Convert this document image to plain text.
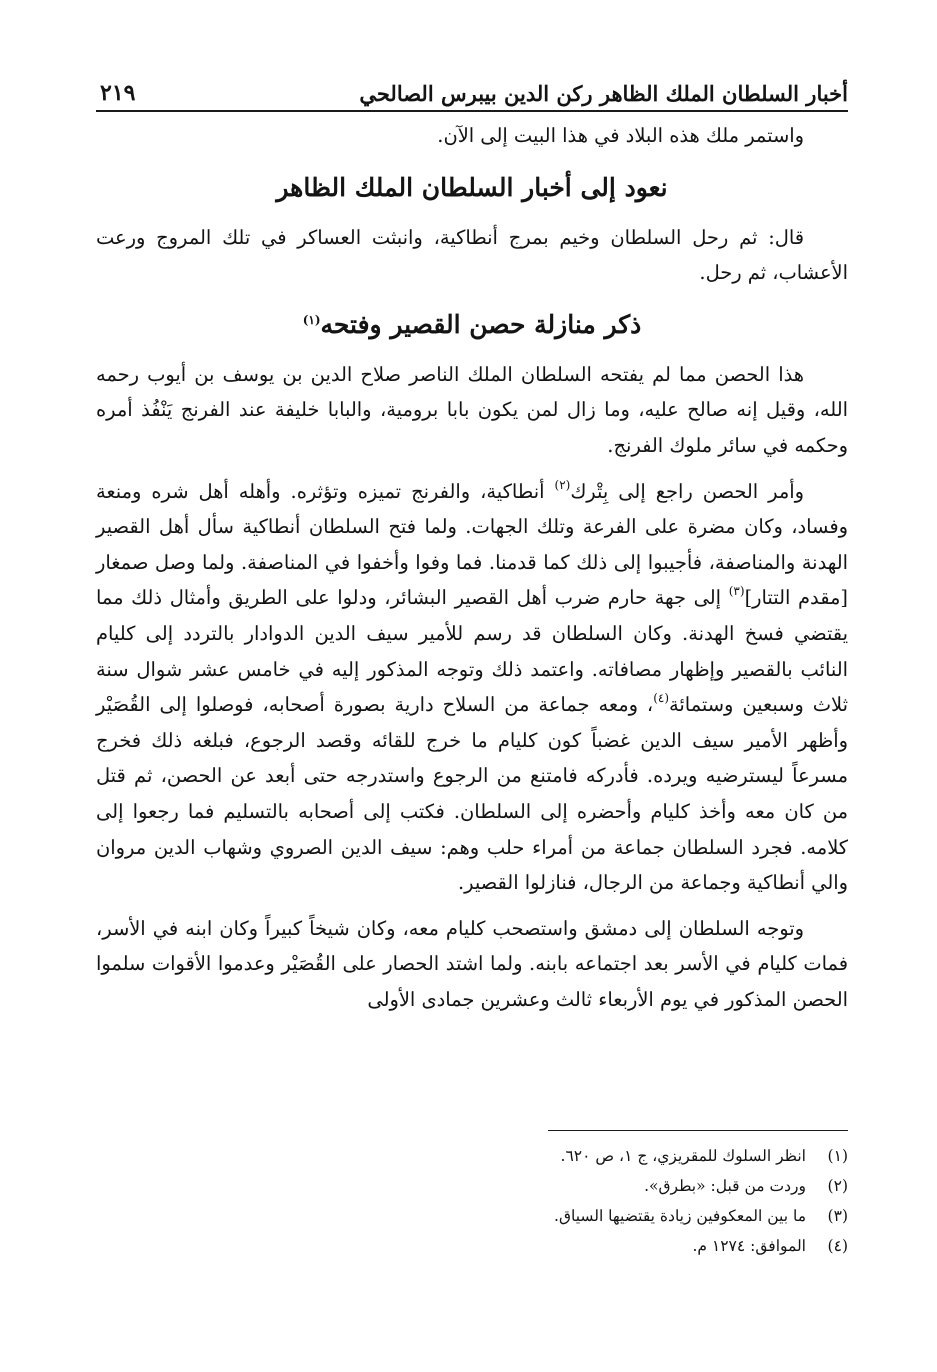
أخبار السلطان الملك الظاهر ركن الدين بيبرس الصالحي
٢١٩

واستمر ملك هذه البلاد في هذا البيت إلى الآن.

نعود إلى أخبار السلطان الملك الظاهر

قال: ثم رحل السلطان وخيم بمرج أنطاكية، وانبثت العساكر في تلك المروج ورعت الأعشاب، ثم رحل.

ذكر منازلة حصن القصير وفتحه$^{(١)}$

هذا الحصن مما لم يفتحه السلطان الملك الناصر صلاح الدين بن يوسف بن أيوب رحمه الله، وقيل إنه صالح عليه، وما زال لمن يكون بابا برومية، والبابا خليفة عند الفرنج يَنْفُذ أمره وحكمه في سائر ملوك الفرنج.

وأمر الحصن راجع إلى بِتْرك$^{(٢)}$ أنطاكية، والفرنج تميزه وتؤثره. وأهله أهل شره ومنعة وفساد، وكان مضرة على الفرعة وتلك الجهات. ولما فتح السلطان أنطاكية سأل أهل القصير الهدنة والمناصفة، فأجيبوا إلى ذلك كما قدمنا. فما وفوا وأخفوا في المناصفة. ولما وصل صمغار [مقدم التتار]$^{(٣)}$ إلى جهة حارم ضرب أهل القصير البشائر، ودلوا على الطريق وأمثال ذلك مما يقتضي فسخ الهدنة. وكان السلطان قد رسم للأمير سيف الدين الدوادار بالتردد إلى كليام النائب بالقصير وإظهار مصافاته. واعتمد ذلك وتوجه المذكور إليه في خامس عشر شوال سنة ثلاث وسبعين وستمائة$^{(٤)}$، ومعه جماعة من السلاح دارية بصورة أصحابه، فوصلوا إلى القُصَيْر وأظهر الأمير سيف الدين غضباً كون كليام ما خرج للقائه وقصد الرجوع، فبلغه ذلك فخرج مسرعاً ليسترضيه ويرده. فأدركه فامتنع من الرجوع واستدرجه حتى أبعد عن الحصن، ثم قتل من كان معه وأخذ كليام وأحضره إلى السلطان. فكتب إلى أصحابه بالتسليم فما رجعوا إلى كلامه. فجرد السلطان جماعة من أمراء حلب وهم: سيف الدين الصروي وشهاب الدين مروان والي أنطاكية وجماعة من الرجال، فنازلوا القصير.

وتوجه السلطان إلى دمشق واستصحب كليام معه، وكان شيخاً كبيراً وكان ابنه في الأسر، فمات كليام في الأسر بعد اجتماعه بابنه. ولما اشتد الحصار على القُصَيْر وعدموا الأقوات سلموا الحصن المذكور في يوم الأربعاء ثالث وعشرين جمادى الأولى

(١)انظر السلوك للمقريزي، ج ١، ص ٦٢٠.
(٢)وردت من قبل: «بطرق».
(٣)ما بين المعكوفين زيادة يقتضيها السياق.
(٤)الموافق: ١٢٧٤ م.
